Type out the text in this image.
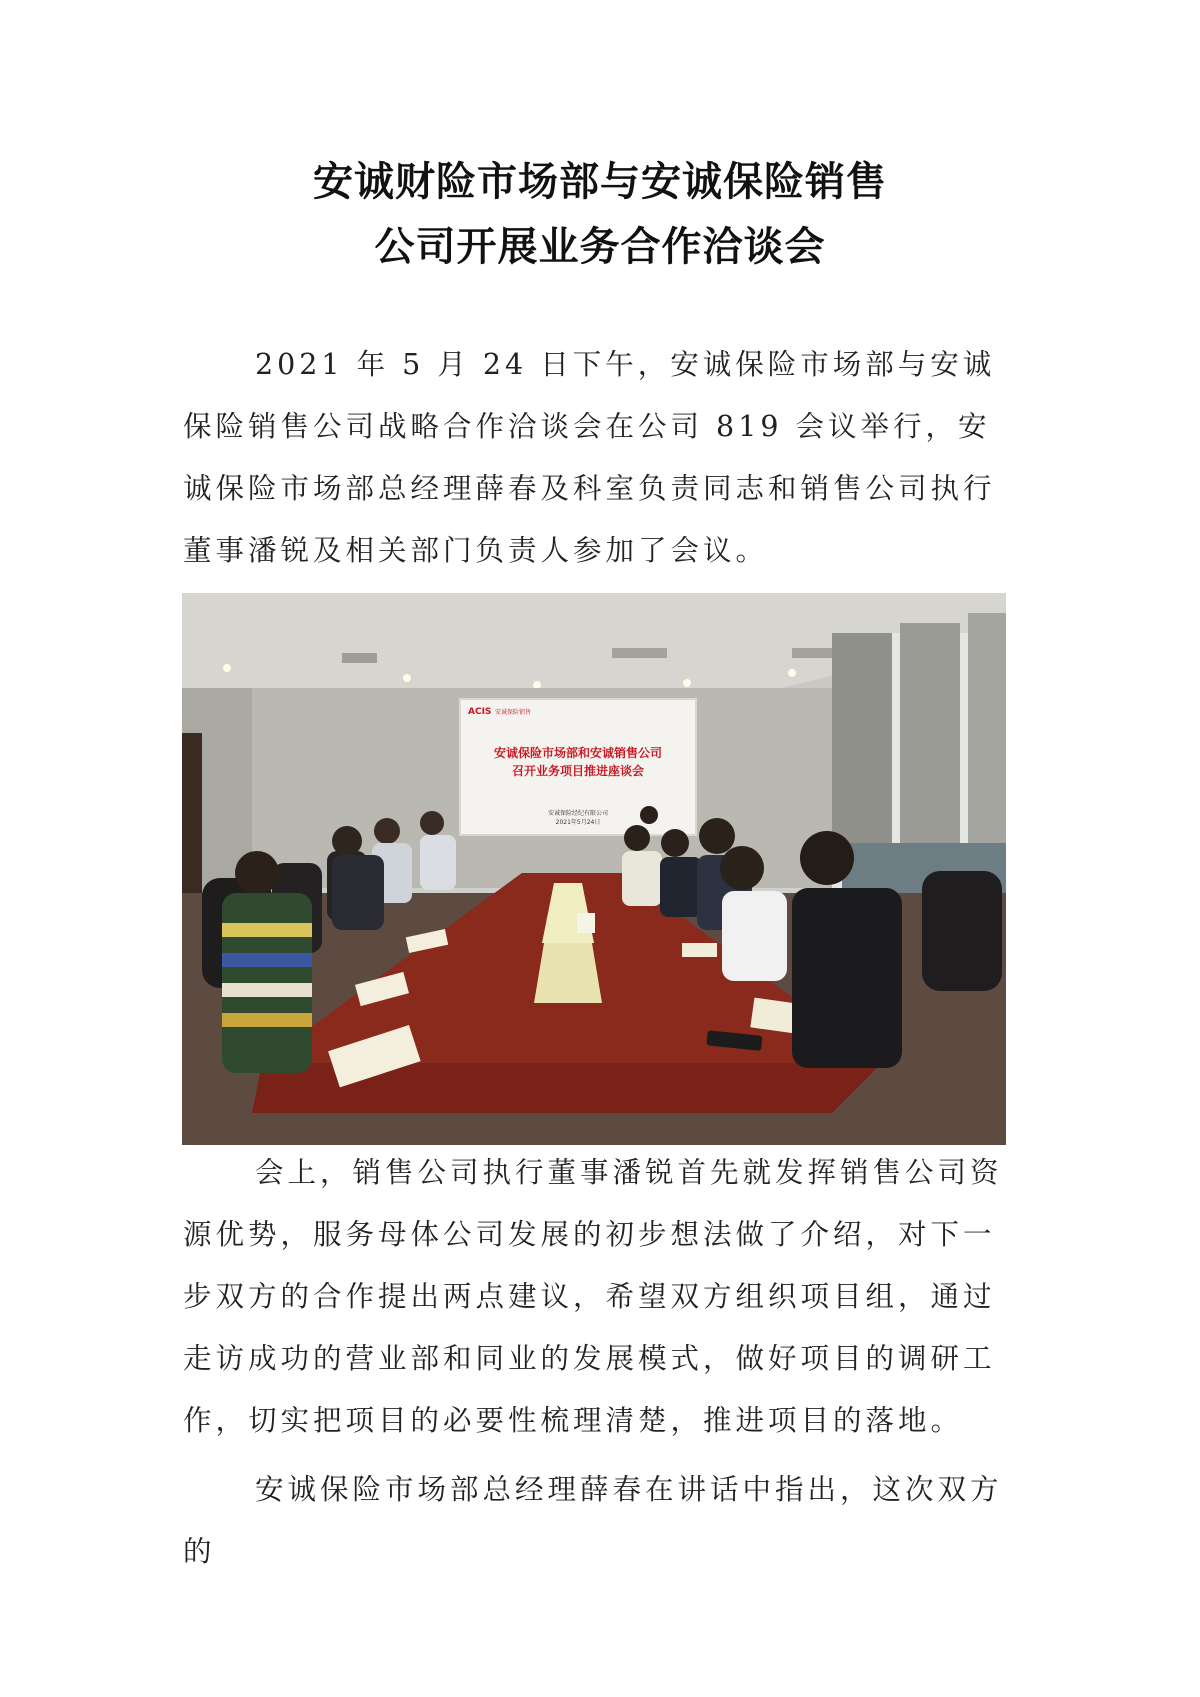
安诚财险市场部与安诚保险销售
公司开展业务合作洽谈会
2021 年 5 月 24 日下午，安诚保险市场部与安诚保险销售公司战略合作洽谈会在公司 819 会议举行，安诚保险市场部总经理薛春及科室负责同志和销售公司执行董事潘锐及相关部门负责人参加了会议。
ACIS 安诚保险销售
安诚保险市场部和安诚销售公司
召开业务项目推进座谈会
安诚保险经纪有限公司
2021年5月24日
会上，销售公司执行董事潘锐首先就发挥销售公司资源优势，服务母体公司发展的初步想法做了介绍，对下一步双方的合作提出两点建议，希望双方组织项目组，通过走访成功的营业部和同业的发展模式，做好项目的调研工作，切实把项目的必要性梳理清楚，推进项目的落地。
安诚保险市场部总经理薛春在讲话中指出，这次双方的
